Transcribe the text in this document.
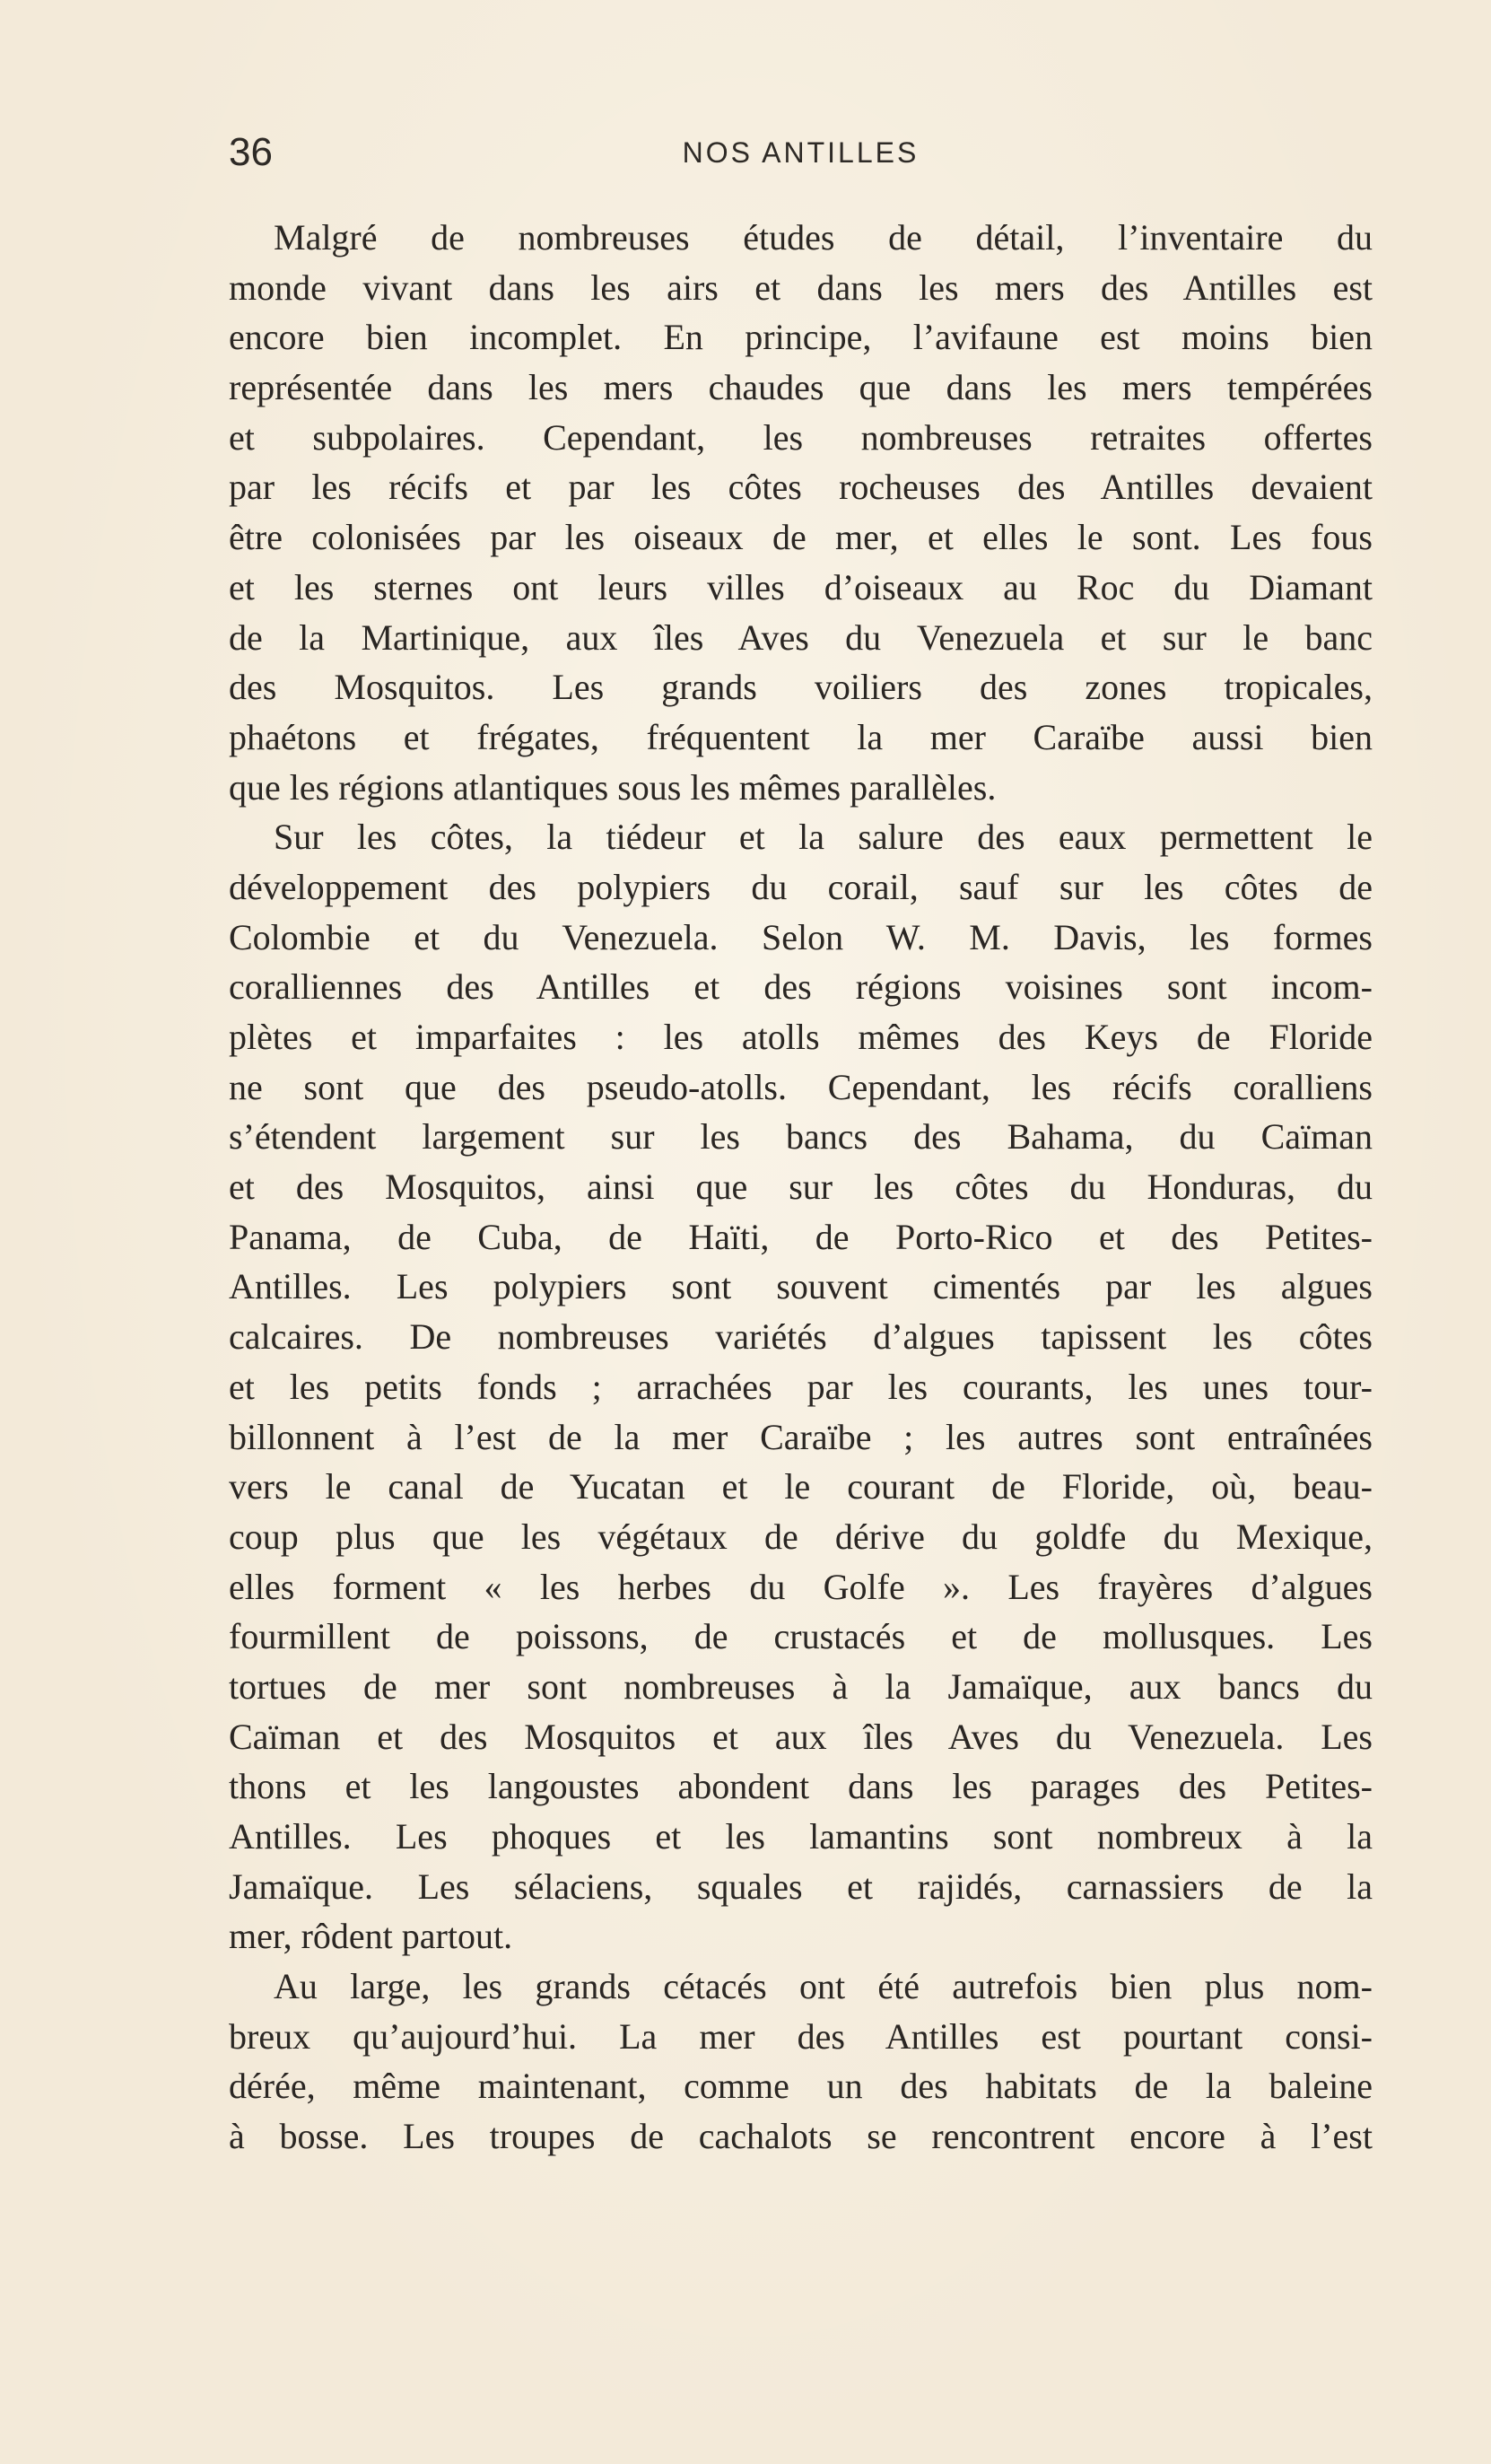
36	NOS ANTILLES
Malgré de nombreuses études de détail, l’inventaire du
monde vivant dans les airs et dans les mers des Antilles est
encore bien incomplet. En principe, l’avifaune est moins bien
représentée dans les mers chaudes que dans les mers tempérées
et subpolaires. Cependant, les nombreuses retraites offertes
par les récifs et par les côtes rocheuses des Antilles devaient
être colonisées par les oiseaux de mer, et elles le sont. Les fous
et les sternes ont leurs villes d’oiseaux au Roc du Diamant
de la Martinique, aux îles Aves du Venezuela et sur le banc
des Mosquitos. Les grands voiliers des zones tropicales,
phaétons et frégates, fréquentent la mer Caraïbe aussi bien
que les régions atlantiques sous les mêmes parallèles.
Sur les côtes, la tiédeur et la salure des eaux permettent le
développement des polypiers du corail, sauf sur les côtes de
Colombie et du Venezuela. Selon W. M. Davis, les formes
coralliennes des Antilles et des régions voisines sont incom-
plètes et imparfaites : les atolls mêmes des Keys de Floride
ne sont que des pseudo-atolls. Cependant, les récifs coralliens
s’étendent largement sur les bancs des Bahama, du Caïman
et des Mosquitos, ainsi que sur les côtes du Honduras, du
Panama, de Cuba, de Haïti, de Porto-Rico et des Petites-
Antilles. Les polypiers sont souvent cimentés par les algues
calcaires. De nombreuses variétés d’algues tapissent les côtes
et les petits fonds ; arrachées par les courants, les unes tour-
billonnent à l’est de la mer Caraïbe ; les autres sont entraînées
vers le canal de Yucatan et le courant de Floride, où, beau-
coup plus que les végétaux de dérive du goldfe du Mexique,
elles forment « les herbes du Golfe ». Les frayères d’algues
fourmillent de poissons, de crustacés et de mollusques. Les
tortues de mer sont nombreuses à la Jamaïque, aux bancs du
Caïman et des Mosquitos et aux îles Aves du Venezuela. Les
thons et les langoustes abondent dans les parages des Petites-
Antilles. Les phoques et les lamantins sont nombreux à la
Jamaïque. Les sélaciens, squales et rajidés, carnassiers de la
mer, rôdent partout.
Au large, les grands cétacés ont été autrefois bien plus nom-
breux qu’aujourd’hui. La mer des Antilles est pourtant consi-
dérée, même maintenant, comme un des habitats de la baleine
à bosse. Les troupes de cachalots se rencontrent encore à l’est
